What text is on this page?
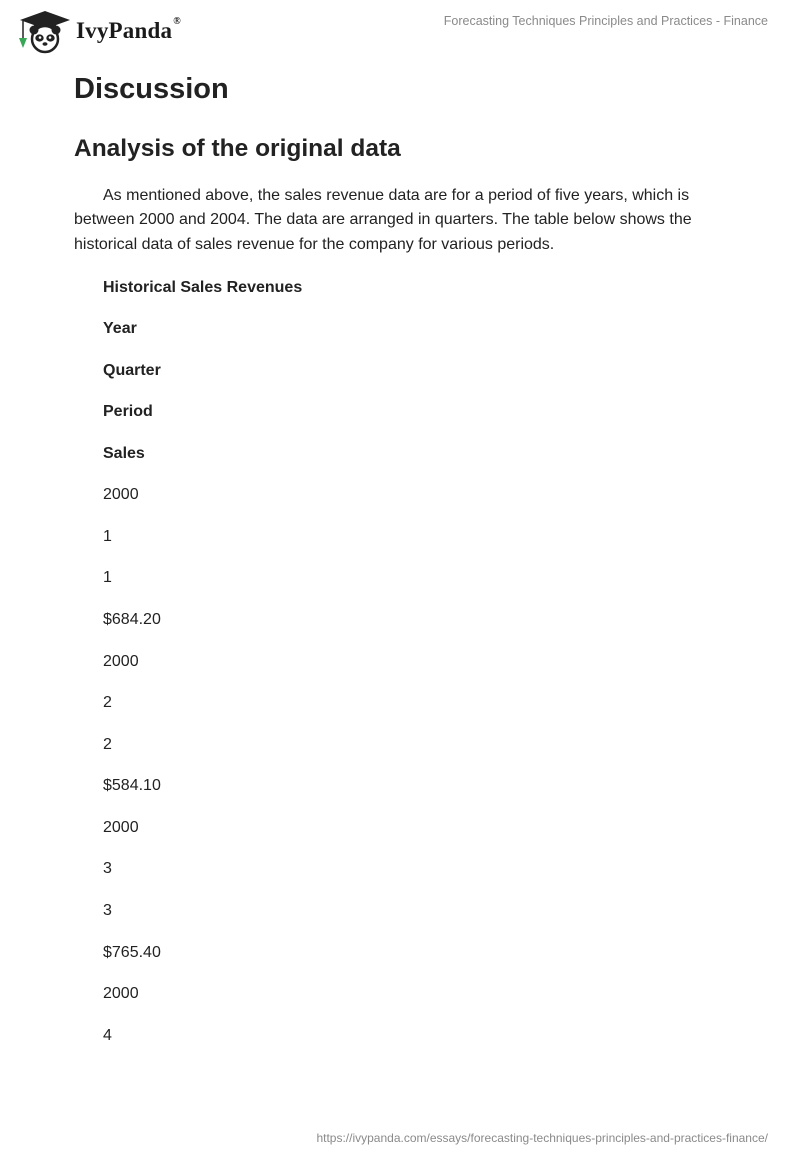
IvyPanda®	Forecasting Techniques Principles and Practices - Finance
Discussion
Analysis of the original data

As mentioned above, the sales revenue data are for a period of five years, which is between 2000 and 2004. The data are arranged in quarters. The table below shows the historical data of sales revenue for the company for various periods.

Historical Sales Revenues
Year
Quarter
Period
Sales
2000
1
1
$684.20
2000
2
2
$584.10
2000
3
3
$765.40
2000
4
https://ivypanda.com/essays/forecasting-techniques-principles-and-practices-finance/
